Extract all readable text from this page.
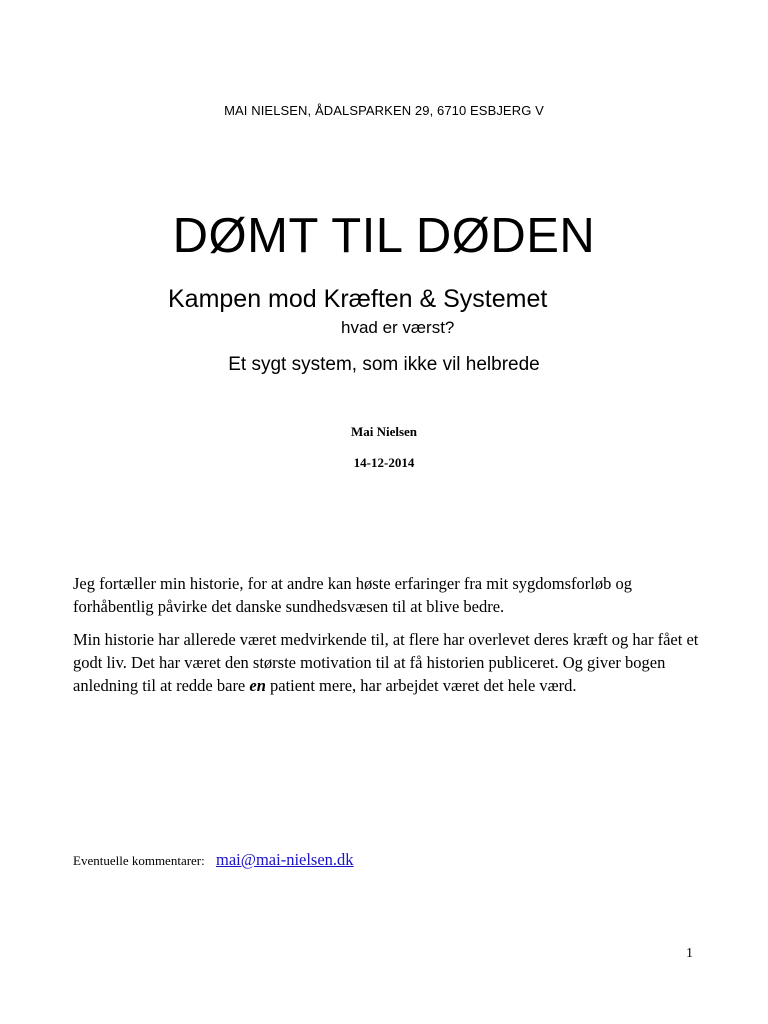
MAI NIELSEN, ÅDALSPARKEN 29, 6710 ESBJERG V
DØMT TIL DØDEN
Kampen mod Kræften & Systemet
hvad er værst?
Et sygt system, som ikke vil helbrede
Mai Nielsen
14-12-2014

Jeg fortæller min historie, for at andre kan høste erfaringer fra mit sygdomsforløb og forhåbentlig påvirke det danske sundhedsvæsen til at blive bedre.

Min historie har allerede været medvirkende til, at flere har overlevet deres kræft og har fået et godt liv. Det har været den største motivation til at få historien publiceret. Og giver bogen anledning til at redde bare en patient mere, har arbejdet været det hele værd.

Eventuelle kommentarer: mai@mai-nielsen.dk
1
